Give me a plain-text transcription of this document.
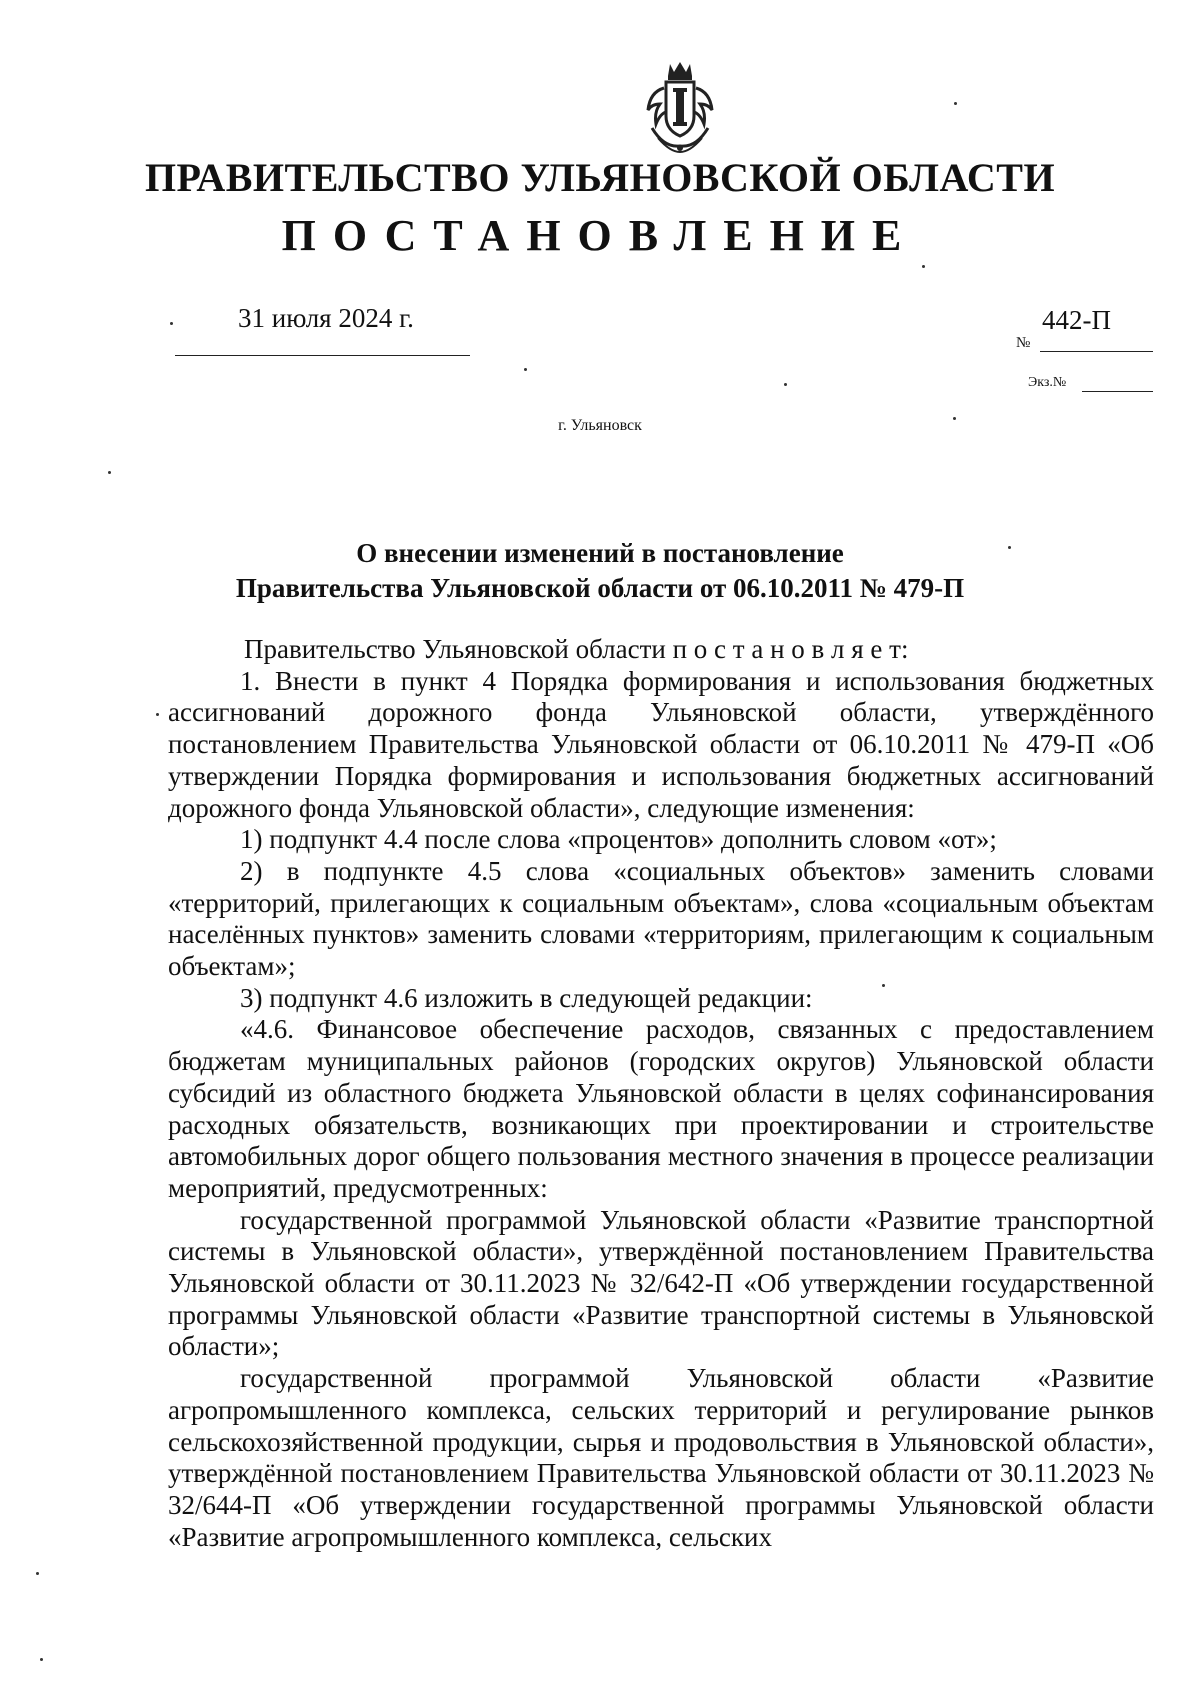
ПРАВИТЕЛЬСТВО УЛЬЯНОВСКОЙ ОБЛАСТИ
ПОСТАНОВЛЕНИЕ
31 июля 2024 г.	442-П
№
Экз.№
г. Ульяновск
О внесении изменений в постановление
Правительства Ульяновской области от 06.10.2011 № 479-П

Правительство Ульяновской области п о с т а н о в л я е т:

1. Внести в пункт 4 Порядка формирования и использования бюджетных ассигнований дорожного фонда Ульяновской области, утверждённого постановлением Правительства Ульяновской области от 06.10.2011 № 479-П «Об утверждении Порядка формирования и использования бюджетных ассигнований дорожного фонда Ульяновской области», следующие изменения:

1) подпункт 4.4 после слова «процентов» дополнить словом «от»;

2) в подпункте 4.5 слова «социальных объектов» заменить словами «территорий, прилегающих к социальным объектам», слова «социальным объектам населённых пунктов» заменить словами «территориям, прилегающим к социальным объектам»;

3) подпункт 4.6 изложить в следующей редакции:

«4.6. Финансовое обеспечение расходов, связанных с предоставлением бюджетам муниципальных районов (городских округов) Ульяновской области субсидий из областного бюджета Ульяновской области в целях софинансирования расходных обязательств, возникающих при проектировании и строительстве автомобильных дорог общего пользования местного значения в процессе реализации мероприятий, предусмотренных:

государственной программой Ульяновской области «Развитие транспортной системы в Ульяновской области», утверждённой постановлением Правительства Ульяновской области от 30.11.2023 № 32/642-П «Об утверждении государственной программы Ульяновской области «Развитие транспортной системы в Ульяновской области»;

государственной программой Ульяновской области «Развитие агропромышленного комплекса, сельских территорий и регулирование рынков сельскохозяйственной продукции, сырья и продовольствия в Ульяновской области», утверждённой постановлением Правительства Ульяновской области от 30.11.2023 № 32/644-П «Об утверждении государственной программы Ульяновской области «Развитие агропромышленного комплекса, сельских
